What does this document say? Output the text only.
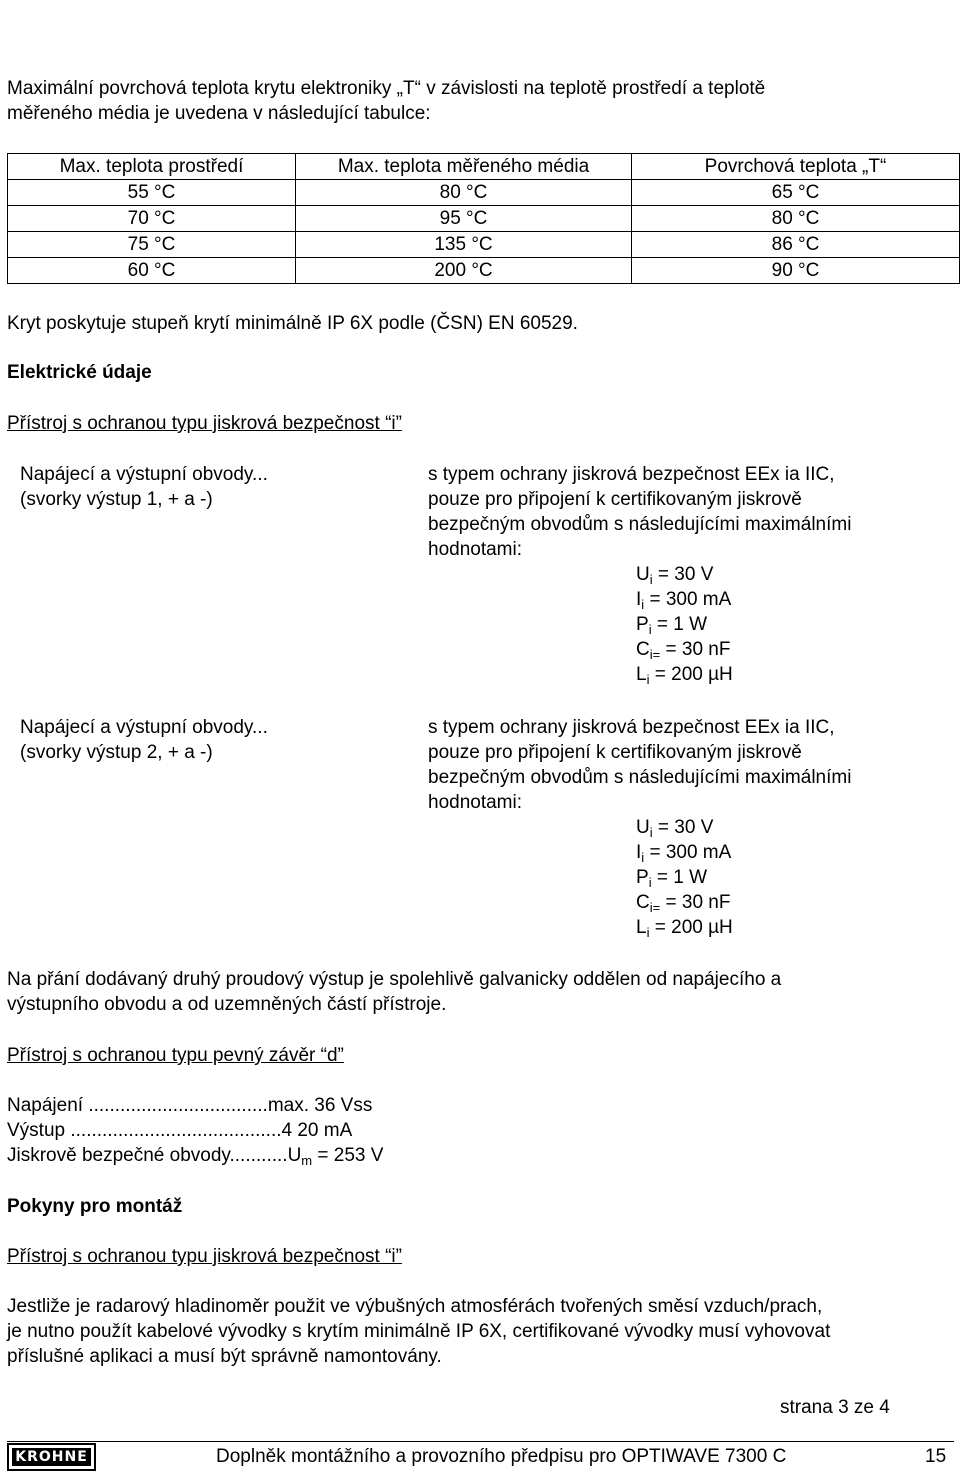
Maximální povrchová teplota krytu elektroniky „T“ v závislosti na teplotě prostředí a teplotě
měřeného média je uvedena v následující tabulce:
Max. teplota prostředí	Max. teplota měřeného média	Povrchová teplota „T“
55 °C	80 °C	65 °C
70 °C	95 °C	80 °C
75 °C	135 °C	86 °C
60 °C	200 °C	90 °C
Kryt poskytuje stupeň krytí minimálně IP 6X podle (ČSN) EN 60529.
Elektrické údaje
Přístroj s ochranou typu jiskrová bezpečnost “i”
Napájecí a výstupní obvody...
(svorky výstup 1, + a -)
s typem ochrany jiskrová bezpečnost EEx ia IIC,
pouze pro připojení k certifikovaným jiskrově
bezpečným obvodům s následujícími maximálními
hodnotami:
$U_i = 30$ V
$I_i = 300$ mA
$P_i = 1$ W
$C_{i=} = 30$ nF
$L_i = 200$ µH
Napájecí a výstupní obvody...
(svorky výstup 2, + a -)
s typem ochrany jiskrová bezpečnost EEx ia IIC,
pouze pro připojení k certifikovaným jiskrově
bezpečným obvodům s následujícími maximálními
hodnotami:
$U_i = 30$ V
$I_i = 300$ mA
$P_i = 1$ W
$C_{i=} = 30$ nF
$L_i = 200$ µH
Na přání dodávaný druhý proudový výstup je spolehlivě galvanicky oddělen od napájecího a
výstupního obvodu a od uzemněných částí přístroje.
Přístroj s ochranou typu pevný závěr “d”
Napájení ..................................max. 36 Vss
Výstup ........................................4 20 mA
Jiskrově bezpečné $obvody...........U_m = 253$ V
Pokyny pro montáž
Přístroj s ochranou typu jiskrová bezpečnost “i”
Jestliže je radarový hladinoměr použit ve výbušných atmosférách tvořených směsí vzduch/prach,
je nutno použít kabelové vývodky s krytím minimálně IP 6X, certifikované vývodky musí vyhovovat
příslušné aplikaci a musí být správně namontovány.
strana 3 ze 4
KROHNE	Doplněk montážního a provozního předpisu pro OPTIWAVE 7300 C	15
